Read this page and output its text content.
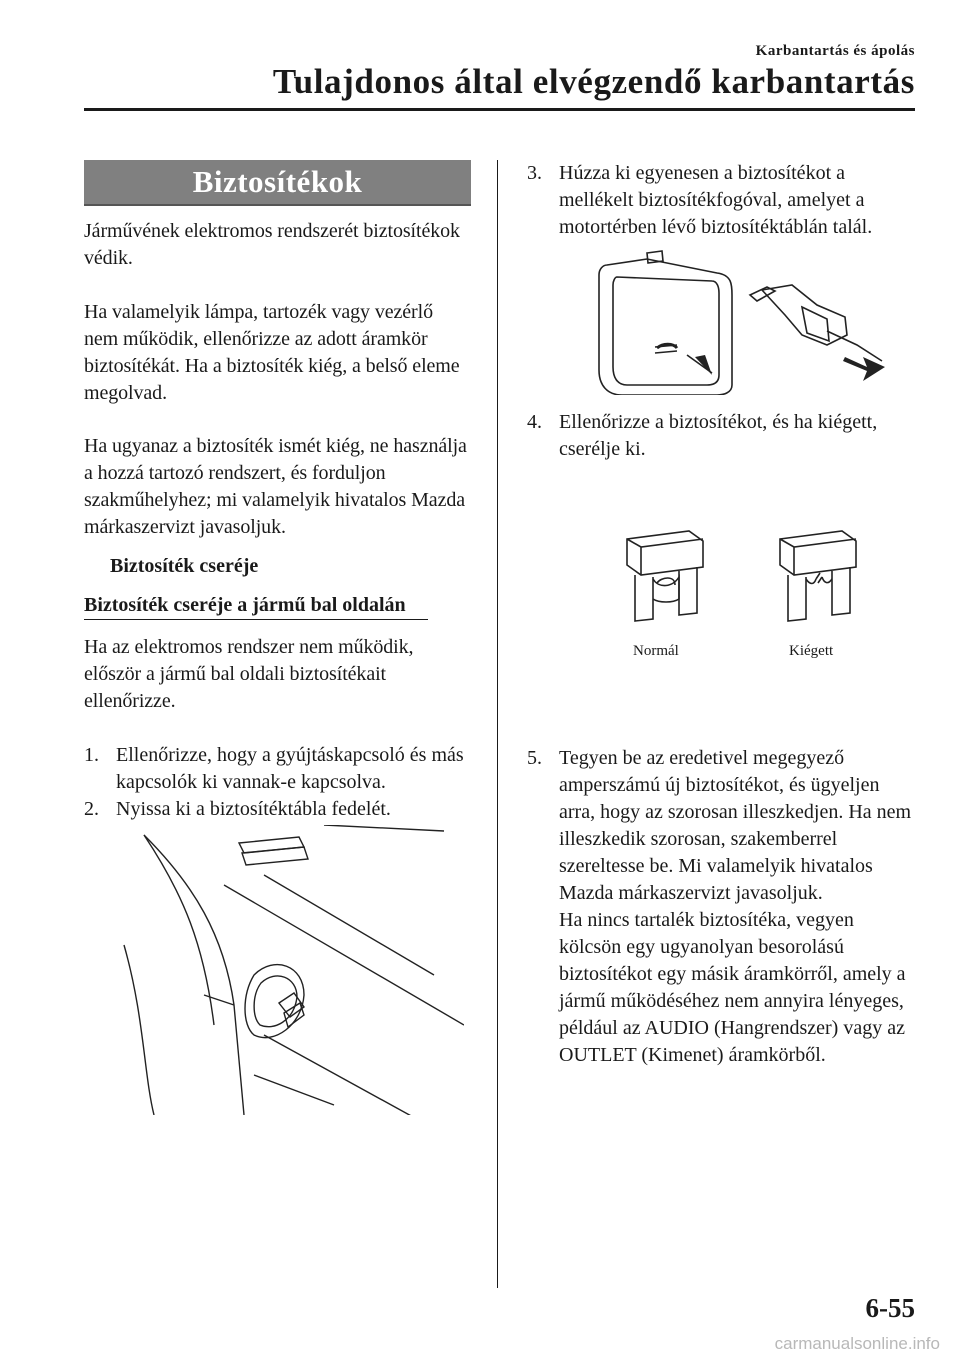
Karbantartás és ápolás
Tulajdonos által elvégzendő karbantartás
Biztosítékok

Járművének elektromos rendszerét biztosítékok védik.

Ha valamelyik lámpa, tartozék vagy vezérlő nem működik, ellenőrizze az adott áramkör biztosítékát. Ha a biztosíték kiég, a belső eleme megolvad.

Ha ugyanaz a biztosíték ismét kiég, ne használja a hozzá tartozó rendszert, és forduljon szakműhelyhez; mi valamelyik hivatalos Mazda márkaszervizt javasoljuk.

Biztosíték cseréje

Biztosíték cseréje a jármű bal oldalán

Ha az elektromos rendszer nem működik, először a jármű bal oldali biztosítékait ellenőrizze.

1. Ellenőrizze, hogy a gyújtáskapcsoló és más kapcsolók ki vannak-e kapcsolva.
2. Nyissa ki a biztosítéktábla fedelét.
3. Húzza ki egyenesen a biztosítékot a mellékelt biztosítékfogóval, amelyet a motortérben lévő biztosítéktáblán talál.
4. Ellenőrizze a biztosítékot, és ha kiégett, cserélje ki.
Normál	Kiégett
5. Tegyen be az eredetivel megegyező amperszámú új biztosítékot, és ügyeljen arra, hogy az szorosan illeszkedjen. Ha nem illeszkedik szorosan, szakemberrel szereltesse be. Mi valamelyik hivatalos Mazda márkaszervizt javasoljuk.
Ha nincs tartalék biztosítéka, vegyen kölcsön egy ugyanolyan besorolású biztosítékot egy másik áramkörről, amely a jármű működéséhez nem annyira lényeges, például az AUDIO (Hangrendszer) vagy az OUTLET (Kimenet) áramkörből.
6-55
carmanualsonline.info
